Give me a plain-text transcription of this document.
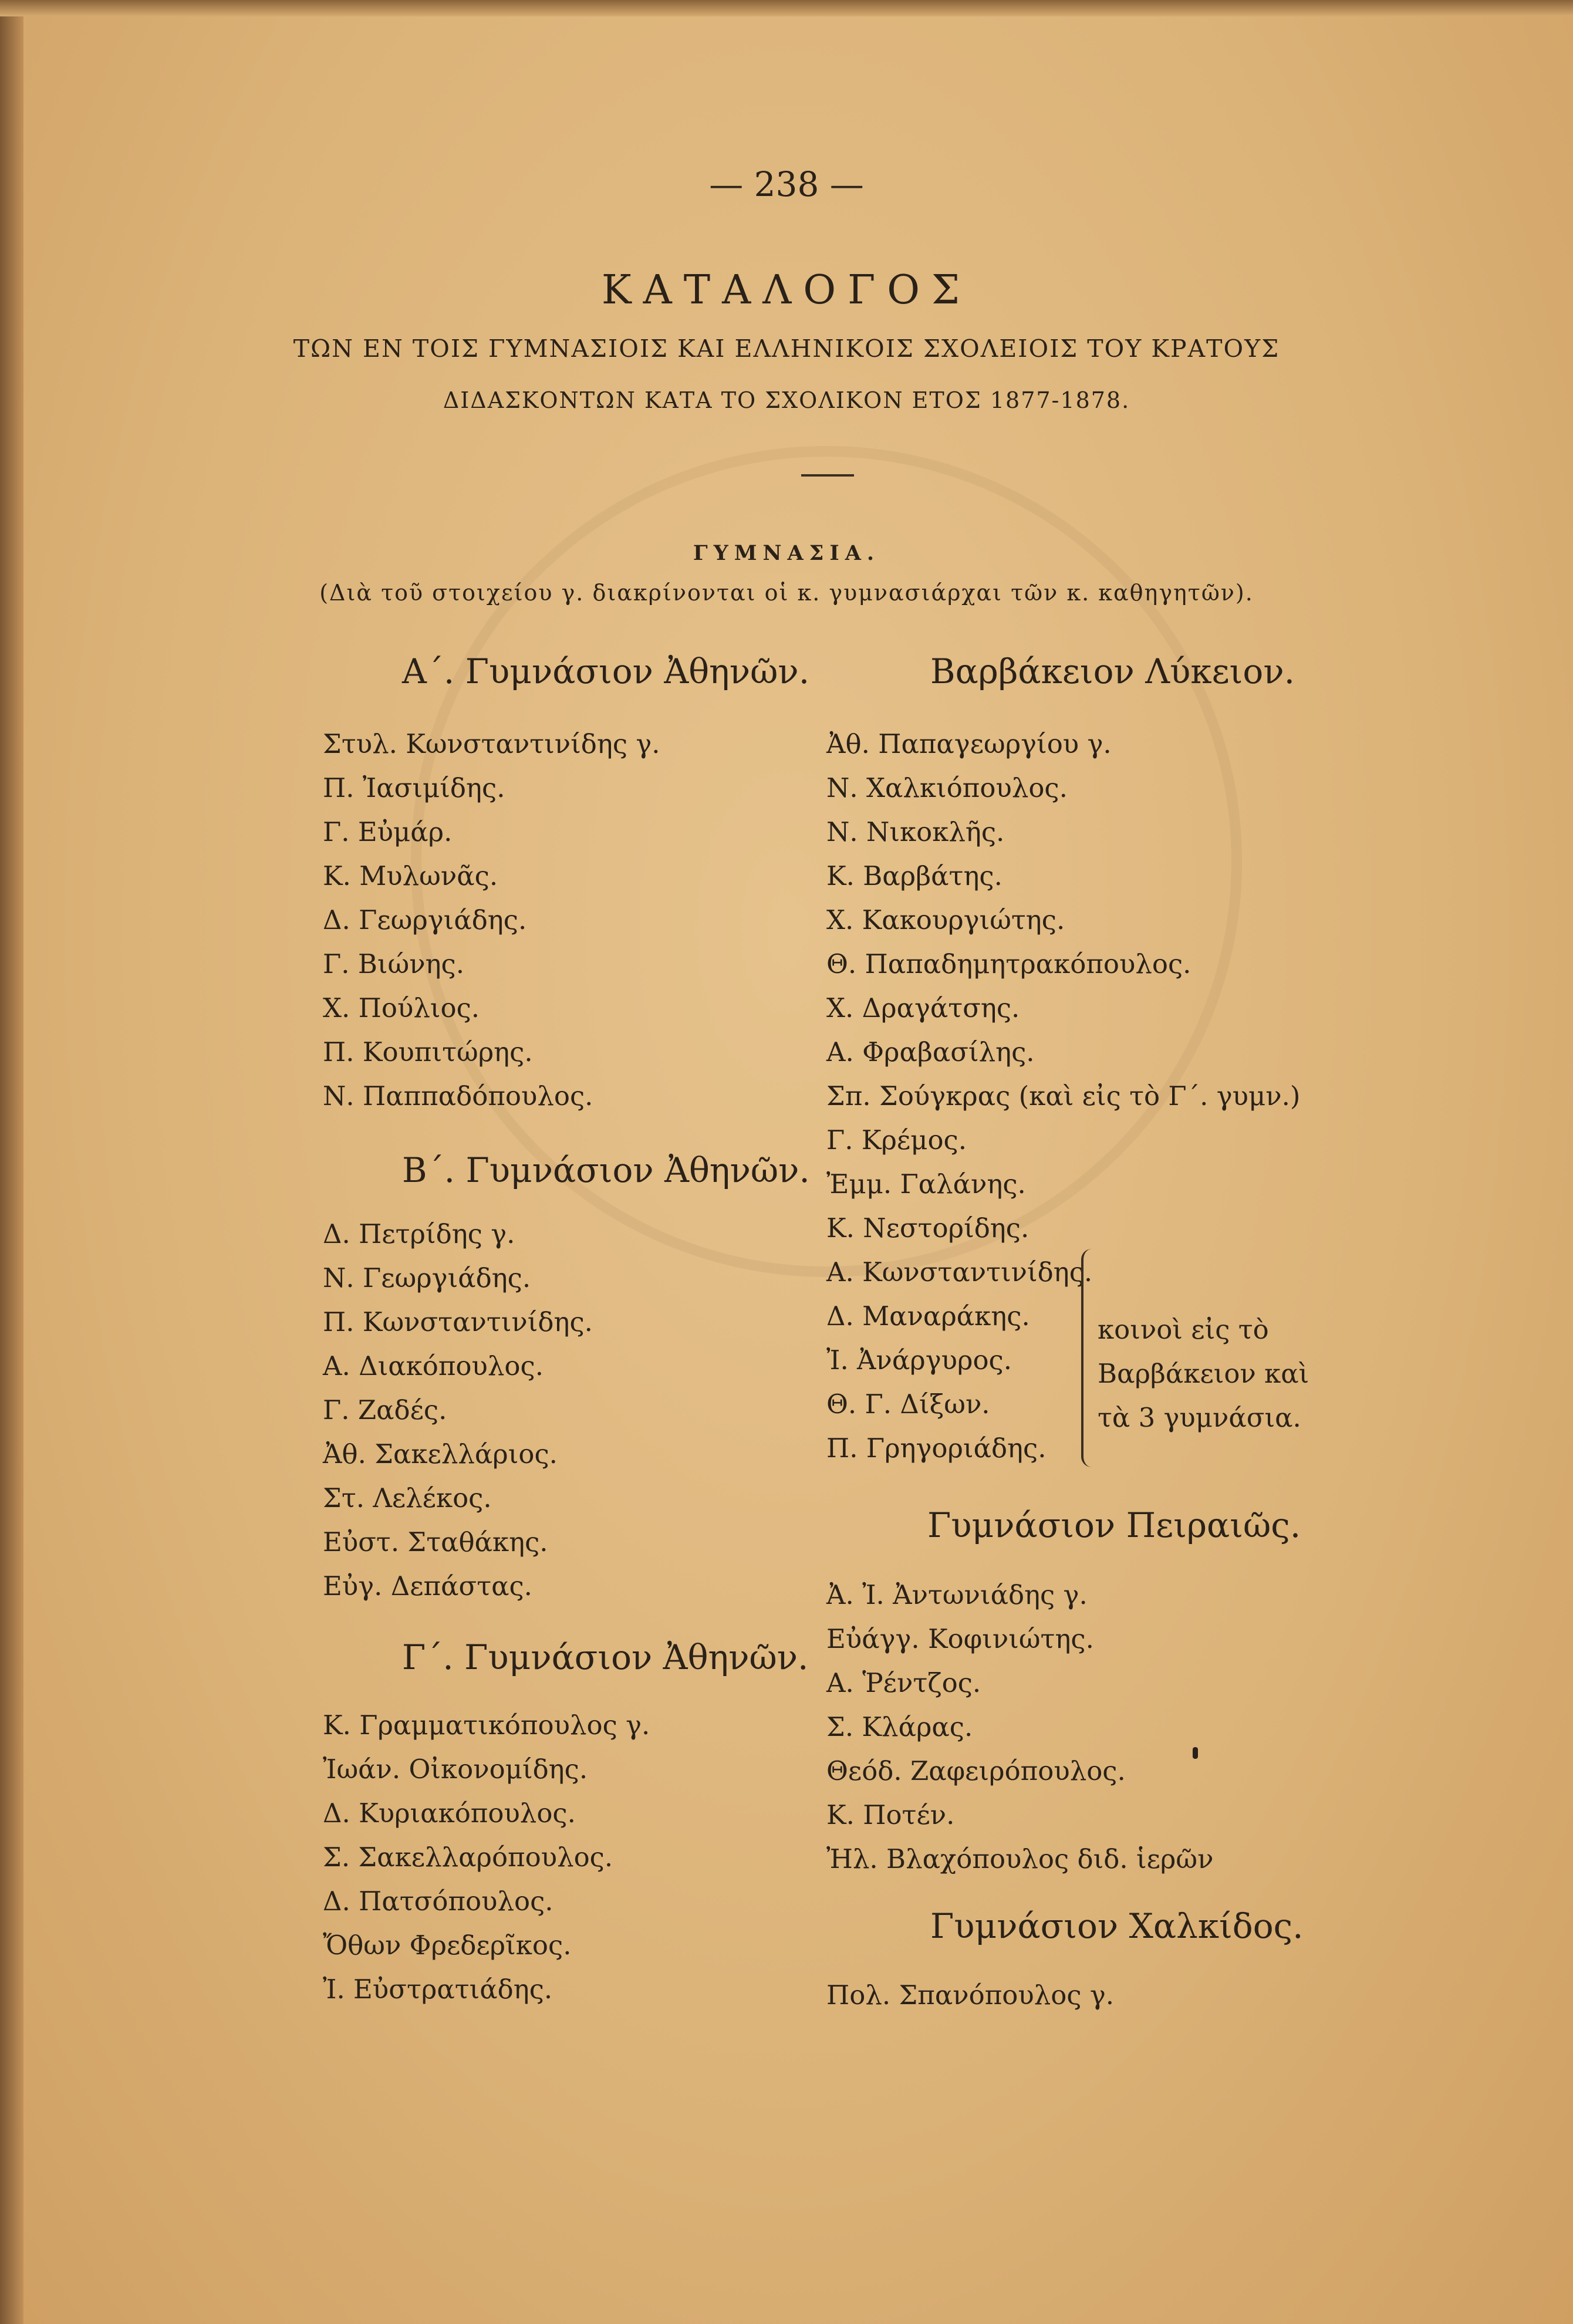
— 238 —
ΚΑΤΑΛΟΓΟΣ
ΤΩΝ ΕΝ ΤΟΙΣ ΓΥΜΝΑΣΙΟΙΣ ΚΑΙ ΕΛΛΗΝΙΚΟΙΣ ΣΧΟΛΕΙΟΙΣ ΤΟΥ ΚΡΑΤΟΥΣ
ΔΙΔΑΣΚΟΝΤΩΝ ΚΑΤΑ ΤΟ ΣΧΟΛΙΚΟΝ ΕΤΟΣ 1877-1878.
ΓΥΜΝΑΣΙΑ.
(Διὰ τοῦ στοιχείου γ. διακρίνονται οἱ κ. γυμνασιάρχαι τῶν κ. καθηγητῶν).
Α΄. Γυμνάσιον Ἀθηνῶν.
Στυλ. Κωνσταντινίδης γ.
Π. Ἰασιμίδης.
Γ. Εὐμάρ.
Κ. Μυλωνᾶς.
Δ. Γεωργιάδης.
Γ. Βιώνης.
Χ. Πούλιος.
Π. Κουπιτώρης.
Ν. Παππαδόπουλος.
Β΄. Γυμνάσιον Ἀθηνῶν.
Δ. Πετρίδης γ.
Ν. Γεωργιάδης.
Π. Κωνσταντινίδης.
Α. Διακόπουλος.
Γ. Ζαδές.
Ἀθ. Σακελλάριος.
Στ. Λελέκος.
Εὐστ. Σταθάκης.
Εὐγ. Δεπάστας.
Γ΄. Γυμνάσιον Ἀθηνῶν.
Κ. Γραμματικόπουλος γ.
Ἰωάν. Οἰκονομίδης.
Δ. Κυριακόπουλος.
Σ. Σακελλαρόπουλος.
Δ. Πατσόπουλος.
Ὄθων Φρεδερῖκος.
Ἰ. Εὐστρατιάδης.
Βαρβάκειον Λύκειον.
Ἀθ. Παπαγεωργίου γ.
Ν. Χαλκιόπουλος.
Ν. Νικοκλῆς.
Κ. Βαρβάτης.
Χ. Κακουργιώτης.
Θ. Παπαδημητρακόπουλος.
Χ. Δραγάτσης.
Α. Φραβασίλης.
Σπ. Σούγκρας (καὶ εἰς τὸ Γ΄. γυμν.)
Γ. Κρέμος.
Ἐμμ. Γαλάνης.
Κ. Νεστορίδης.
Α. Κωνσταντινίδης.
Δ. Μαναράκης.
Ἰ. Ἀνάργυρος.
Θ. Γ. Δίξων.
Π. Γρηγοριάδης.
κοινοὶ εἰς τὸ
Βαρβάκειον καὶ
τὰ 3 γυμνάσια.
Γυμνάσιον Πειραιῶς.
Ἀ. Ἰ. Ἀντωνιάδης γ.
Εὐάγγ. Κοφινιώτης.
Α. Ῥέντζος.
Σ. Κλάρας.
Θεόδ. Ζαφειρόπουλος.
Κ. Ποτέν.
Ἠλ. Βλαχόπουλος διδ. ἱερῶν
Γυμνάσιον Χαλκίδος.
Πολ. Σπανόπουλος γ.
